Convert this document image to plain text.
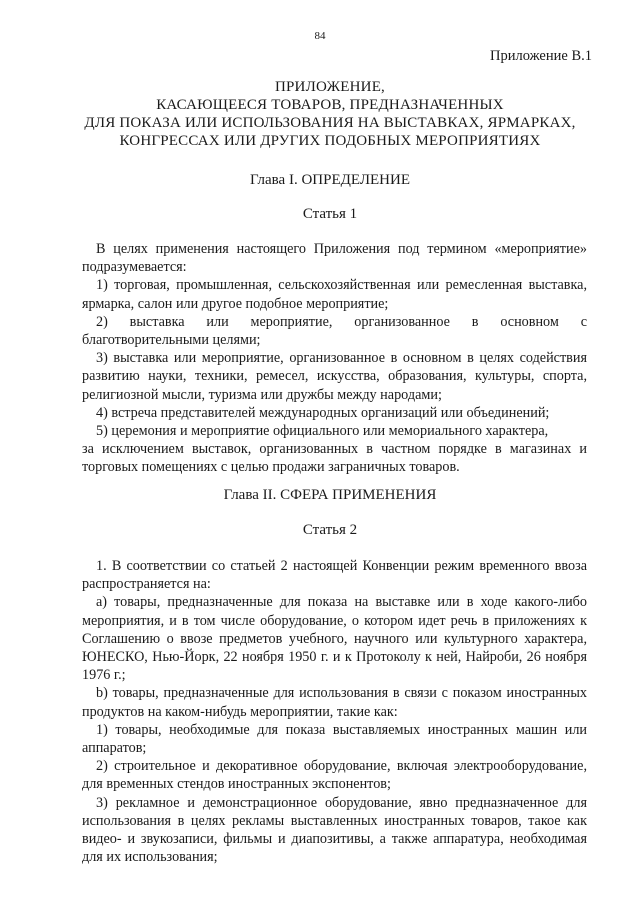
84
Приложение В.1
ПРИЛОЖЕНИЕ,
КАСАЮЩЕЕСЯ ТОВАРОВ, ПРЕДНАЗНАЧЕННЫХ
ДЛЯ ПОКАЗА ИЛИ ИСПОЛЬЗОВАНИЯ НА ВЫСТАВКАХ, ЯРМАРКАХ,
КОНГРЕССАХ ИЛИ ДРУГИХ ПОДОБНЫХ МЕРОПРИЯТИЯХ
Глава I. ОПРЕДЕЛЕНИЕ
Статья 1

В целях применения настоящего Приложения под термином «мероприятие» подразумевается:

1) торговая, промышленная, сельскохозяйственная или ремесленная выставка, ярмарка, салон или другое подобное мероприятие;

2) выставка или мероприятие, организованное в основном с благотворительными целями;

3) выставка или мероприятие, организованное в основном в целях содействия развитию науки, техники, ремесел, искусства, образования, культуры, спорта, религиозной мысли, туризма или дружбы между народами;

4) встреча представителей международных организаций или объединений;

5) церемония и мероприятие официального или мемориального характера,

за исключением выставок, организованных в частном порядке в магазинах и торговых помещениях с целью продажи заграничных товаров.

Глава II. СФЕРА ПРИМЕНЕНИЯ
Статья 2

1. В соответствии со статьей 2 настоящей Конвенции режим временного ввоза распространяется на:

a) товары, предназначенные для показа на выставке или в ходе какого-либо мероприятия, и в том числе оборудование, о котором идет речь в приложениях к Соглашению о ввозе предметов учебного, научного или культурного характера, ЮНЕСКО, Нью-Йорк, 22 ноября 1950 г. и к Протоколу к ней, Найроби, 26 ноября 1976 г.;

b) товары, предназначенные для использования в связи с показом иностранных продуктов на каком-нибудь мероприятии, такие как:

1) товары, необходимые для показа выставляемых иностранных машин или аппаратов;

2) строительное и декоративное оборудование, включая электрооборудование, для временных стендов иностранных экспонентов;

3) рекламное и демонстрационное оборудование, явно предназначенное для использования в целях рекламы выставленных иностранных товаров, такое как видео- и звукозаписи, фильмы и диапозитивы, а также аппаратура, необходимая для их использования;
